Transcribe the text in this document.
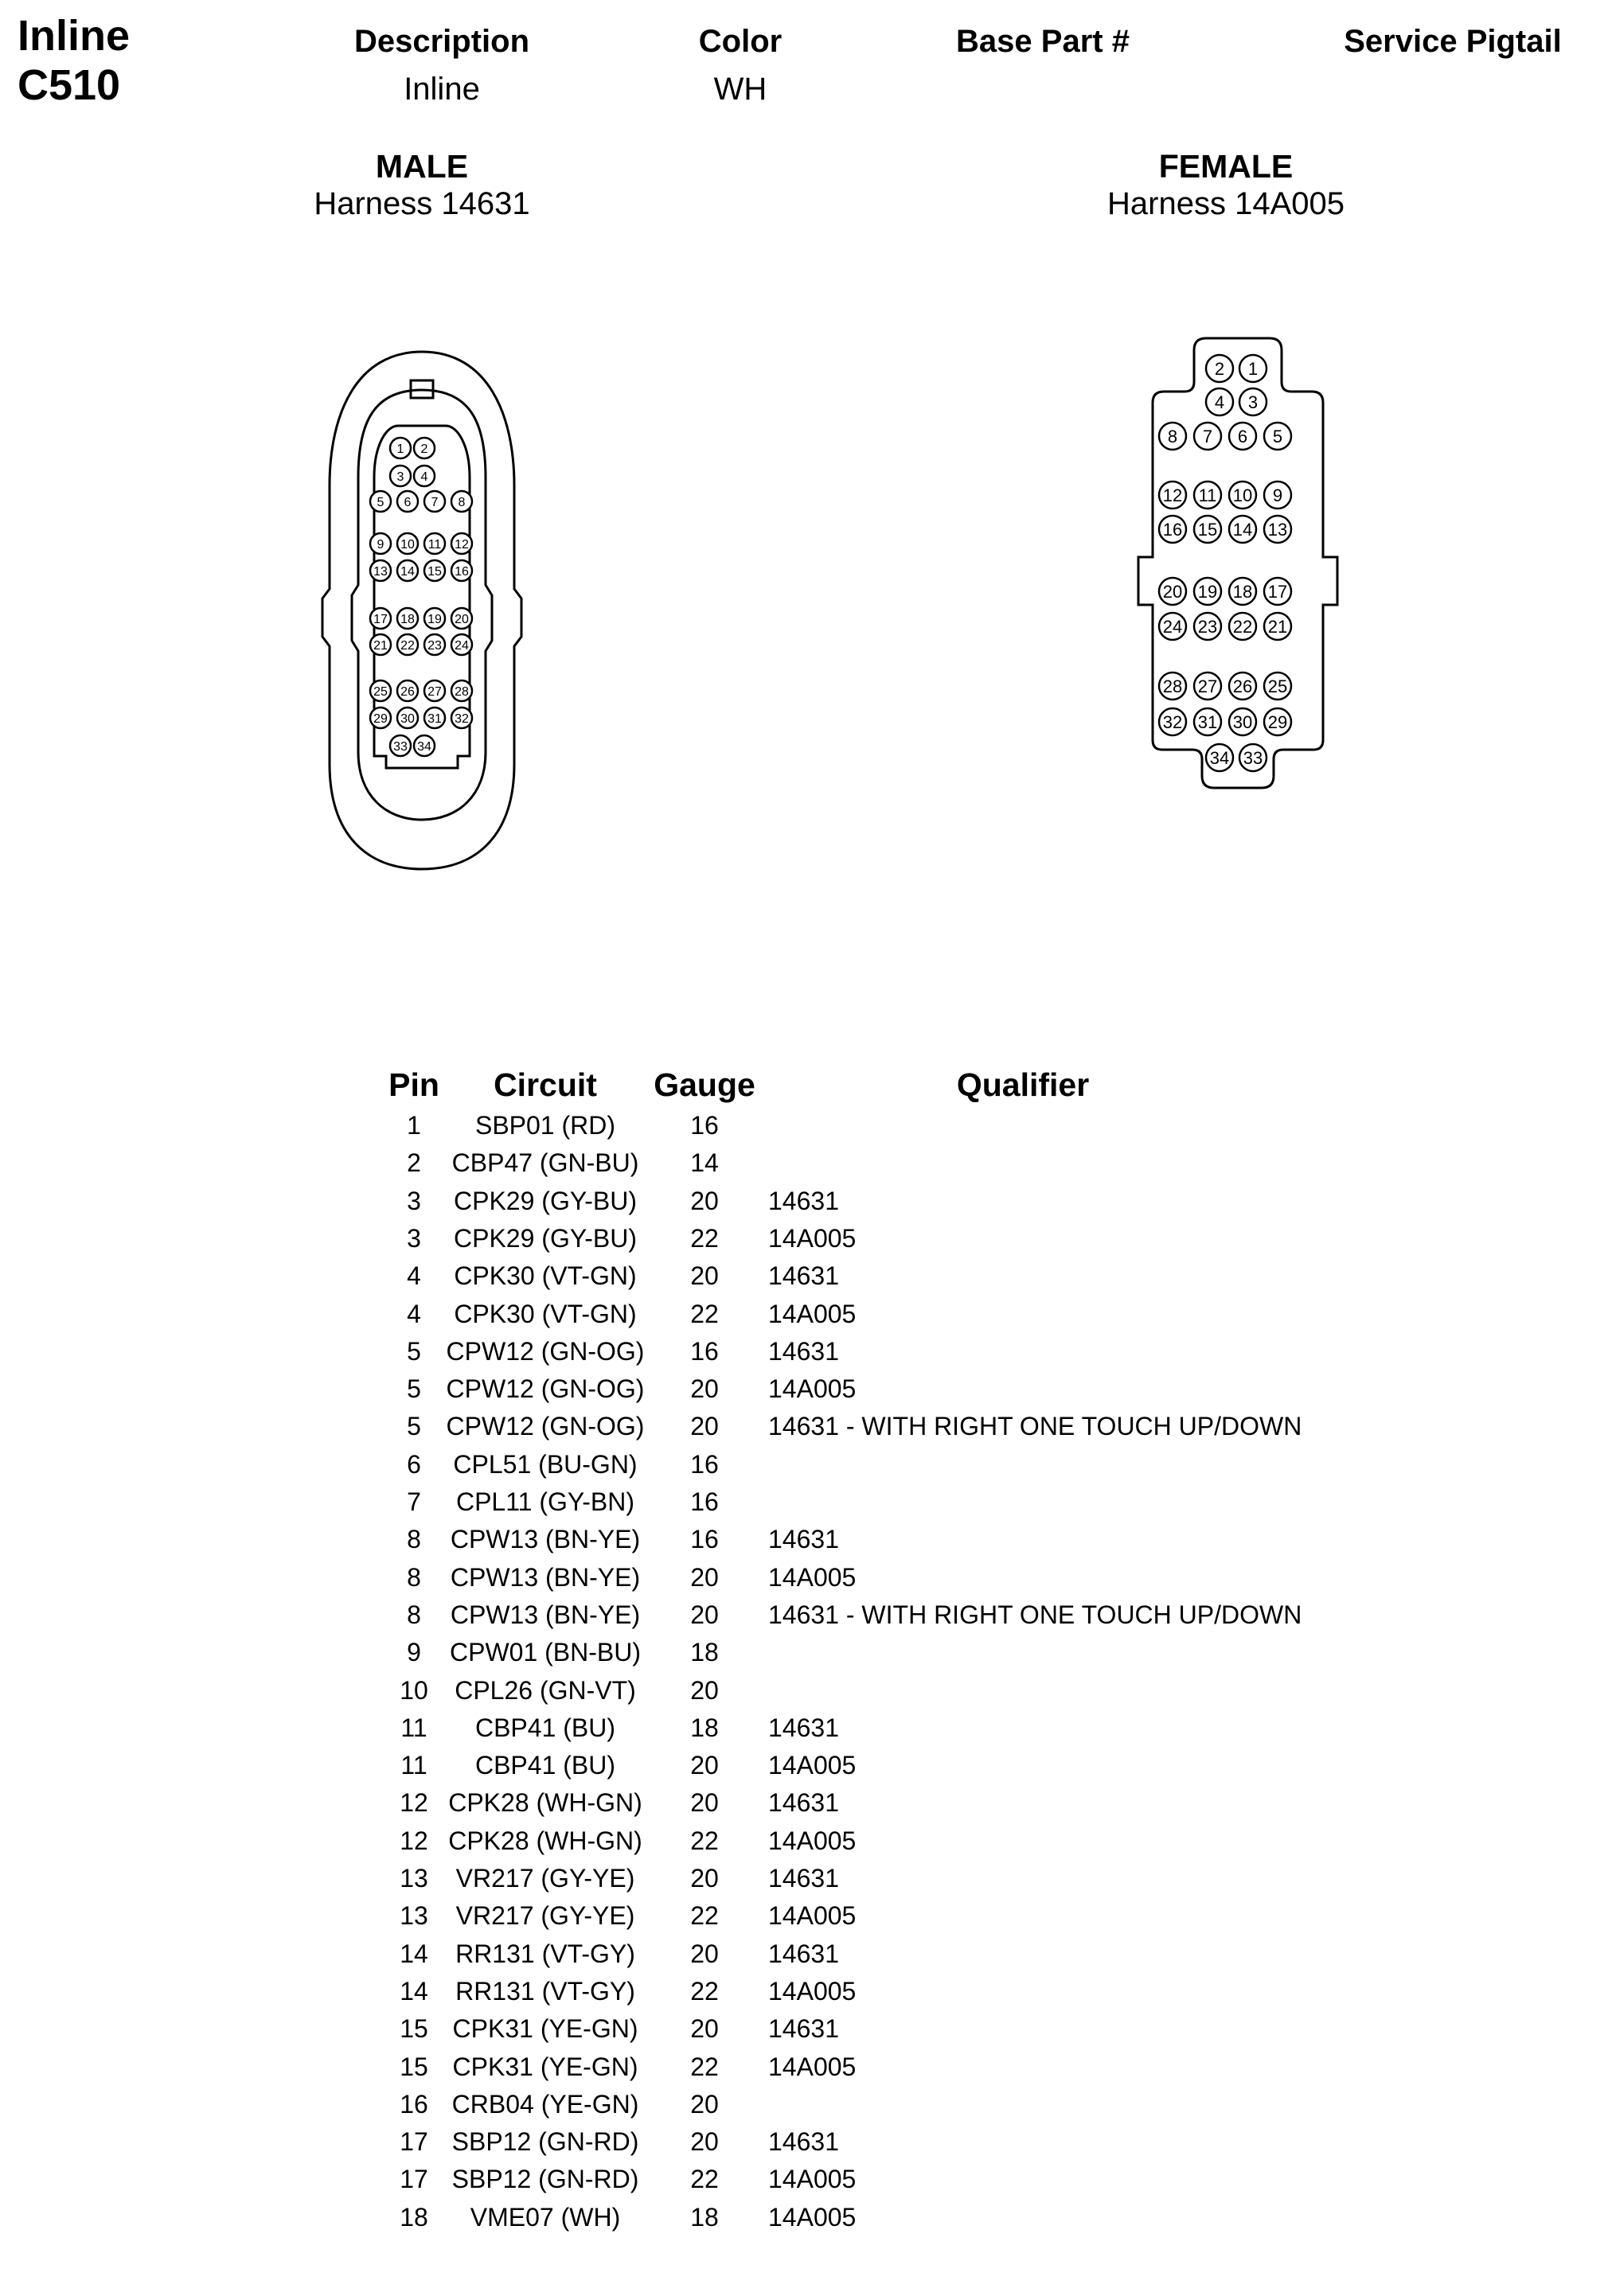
Inline
C510
Description	Color	Base Part #	Service Pigtail
Inline	WH
MALE
Harness 14631
FEMALE
Harness 14A005
1 2
3 4
5 6 7 8
9 10 11 12
13 14 15 16
17 18 19 20
21 22 23 24
25 26 27 28
29 30 31 32
33 34
1
2
3
4
5
6
7
8
9
10
11
12
13
14
15
16
17
18
19
20
21
22
23
24
25
26
27
28
29
30
31
32
33
34
Pin	Circuit	Gauge	Qualifier
1	SBP01 (RD)	16
2	CBP47 (GN-BU)	14
3	CPK29 (GY-BU)	20	14631
3	CPK29 (GY-BU)	22	14A005
4	CPK30 (VT-GN)	20	14631
4	CPK30 (VT-GN)	22	14A005
5 CPW12 (GN-OG)	16	14631
5 CPW12 (GN-OG)	20	14A005
5 CPW12 (GN-OG)	20	14631 - WITH RIGHT ONE TOUCH UP/DOWN
6	CPL51 (BU-GN)	16
7	CPL11 (GY-BN)	16
8	CPW13 (BN-YE)	16	14631
8	CPW13 (BN-YE)	20	14A005
8	CPW13 (BN-YE)	20	14631 - WITH RIGHT ONE TOUCH UP/DOWN
9	CPW01 (BN-BU)	18
10	CPL26 (GN-VT)	20
11	CBP41 (BU)	18	14631
11	CBP41 (BU)	20	14A005
12 CPK28 (WH-GN)	20	14631
12 CPK28 (WH-GN)	22	14A005
13	VR217 (GY-YE)	20	14631
13	VR217 (GY-YE)	22	14A005
14	RR131 (VT-GY)	20	14631
14	RR131 (VT-GY)	22	14A005
15 CPK31 (YE-GN)	20	14631
15 CPK31 (YE-GN)	22	14A005
16 CRB04 (YE-GN)	20
17 SBP12 (GN-RD)	20	14631
17 SBP12 (GN-RD)	22	14A005
18	VME07 (WH)	18	14A005
